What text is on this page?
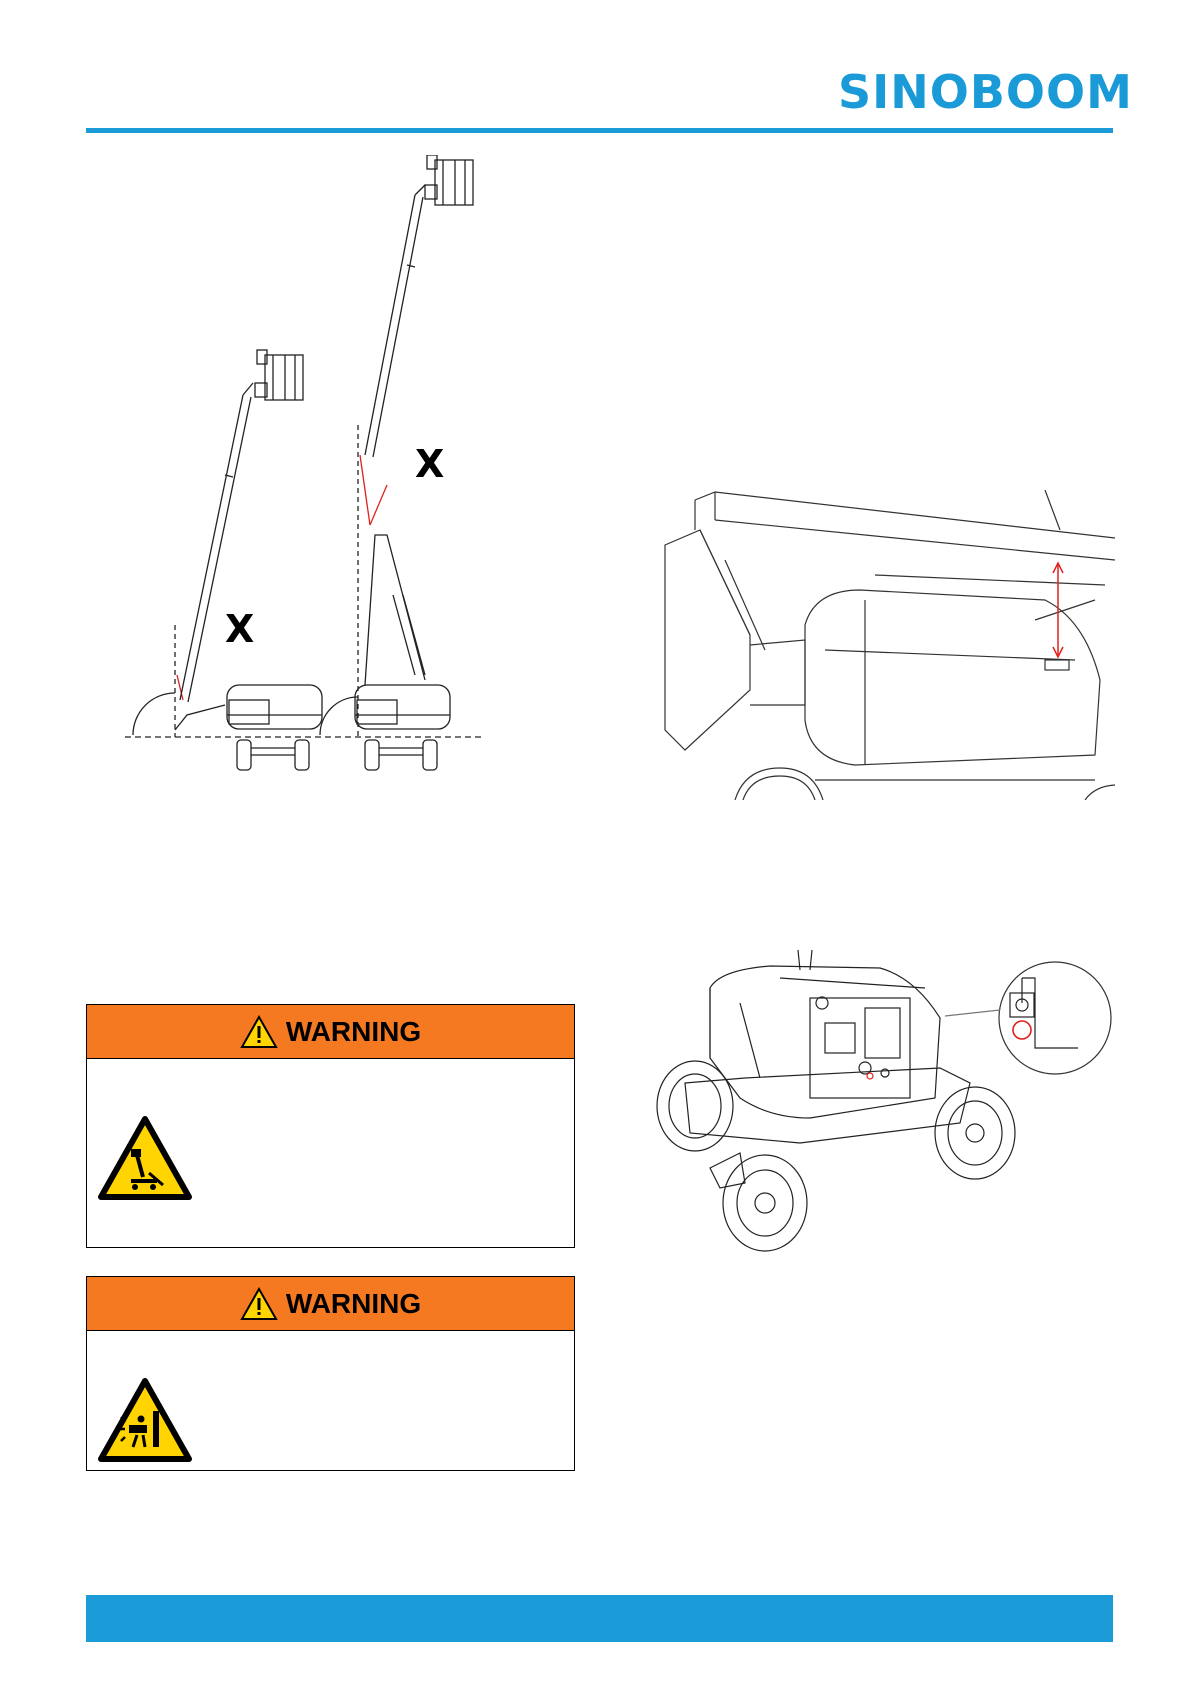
SINOBOOM
X
X
WARNING
WARNING
